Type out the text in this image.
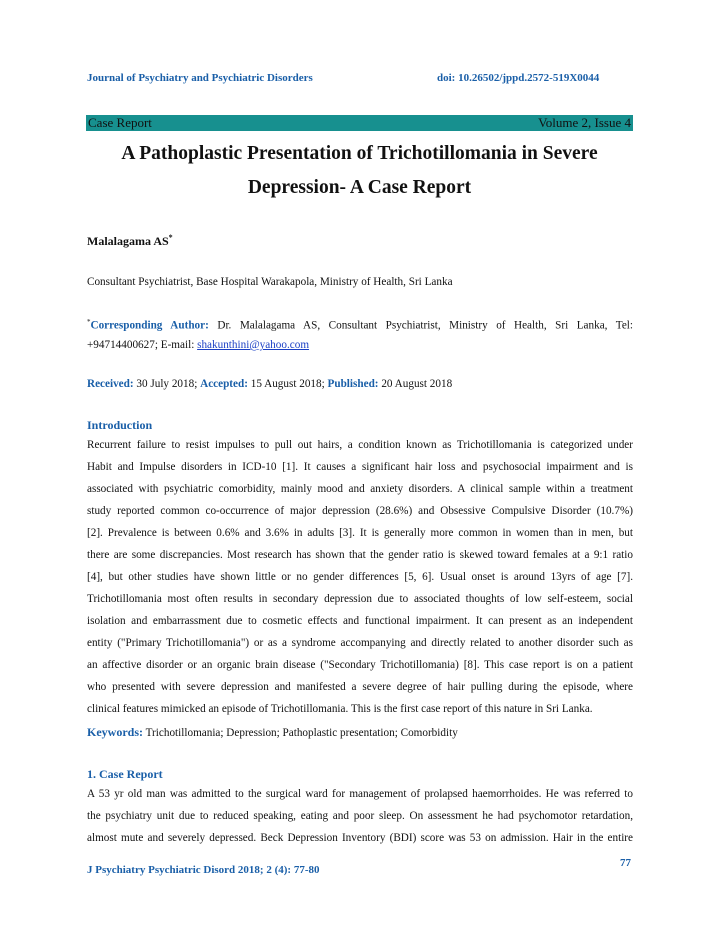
Journal of Psychiatry and Psychiatric Disorders	doi: 10.26502/jppd.2572-519X0044
Case Report	Volume 2, Issue 4
A Pathoplastic Presentation of Trichotillomania in Severe
Depression- A Case Report
Malalagama AS*
Consultant Psychiatrist, Base Hospital Warakapola, Ministry of Health, Sri Lanka
*Corresponding Author: Dr. Malalagama AS, Consultant Psychiatrist, Ministry of Health, Sri Lanka, Tel:
+94714400627; E-mail: shakunthini@yahoo.com
Received: 30 July 2018; Accepted: 15 August 2018; Published: 20 August 2018
Introduction
Recurrent failure to resist impulses to pull out hairs, a condition known as Trichotillomania is categorized under
Habit and Impulse disorders in ICD-10 [1]. It causes a significant hair loss and psychosocial impairment and is
associated with psychiatric comorbidity, mainly mood and anxiety disorders. A clinical sample within a treatment
study reported common co-occurrence of major depression (28.6%) and Obsessive Compulsive Disorder (10.7%)
[2]. Prevalence is between 0.6% and 3.6% in adults [3]. It is generally more common in women than in men, but
there are some discrepancies. Most research has shown that the gender ratio is skewed toward females at a 9:1 ratio
[4], but other studies have shown little or no gender differences [5, 6]. Usual onset is around 13yrs of age [7].
Trichotillomania most often results in secondary depression due to associated thoughts of low self-esteem, social
isolation and embarrassment due to cosmetic effects and functional impairment. It can present as an independent
entity ("Primary Trichotillomania") or as a syndrome accompanying and directly related to another disorder such as
an affective disorder or an organic brain disease ("Secondary Trichotillomania) [8]. This case report is on a patient
who presented with severe depression and manifested a severe degree of hair pulling during the episode, where
clinical features mimicked an episode of Trichotillomania. This is the first case report of this nature in Sri Lanka.
Keywords: Trichotillomania; Depression; Pathoplastic presentation; Comorbidity
1. Case Report
A 53 yr old man was admitted to the surgical ward for management of prolapsed haemorrhoides. He was referred to
the psychiatry unit due to reduced speaking, eating and poor sleep. On assessment he had psychomotor retardation,
almost mute and severely depressed. Beck Depression Inventory (BDI) score was 53 on admission. Hair in the entire
J Psychiatry Psychiatric Disord 2018; 2 (4): 77-80
77
